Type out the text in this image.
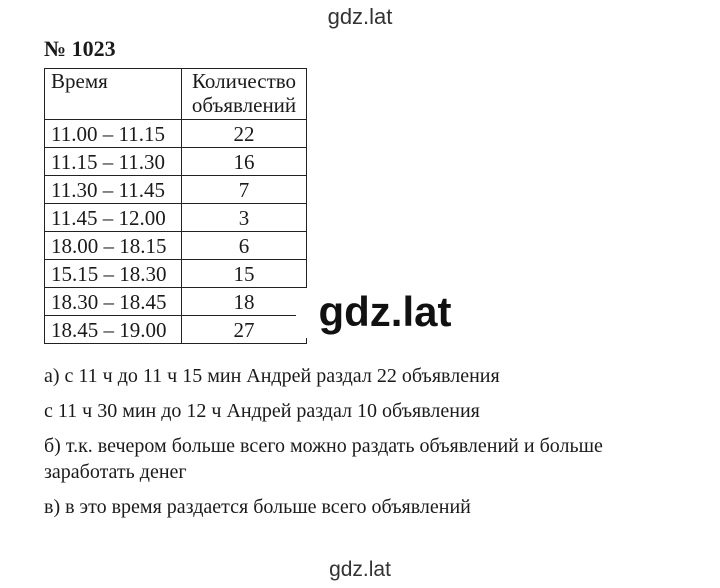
gdz.lat
№ 1023
Время	Количество объявлений
11.00 – 11.15	22
11.15 – 11.30	16
11.30 – 11.45	7
11.45 – 12.00	3
18.00 – 18.15	6
15.15 – 18.30	15
18.30 – 18.45	18
18.45 – 19.00	27	gdz.lat
а) с 11 ч до 11 ч 15 мин Андрей раздал 22 объявления
с 11 ч 30 мин до 12 ч Андрей раздал 10 объявления
б) т.к. вечером больше всего можно раздать объявлений и больше
заработать денег
в) в это время раздается больше всего объявлений
gdz.lat
